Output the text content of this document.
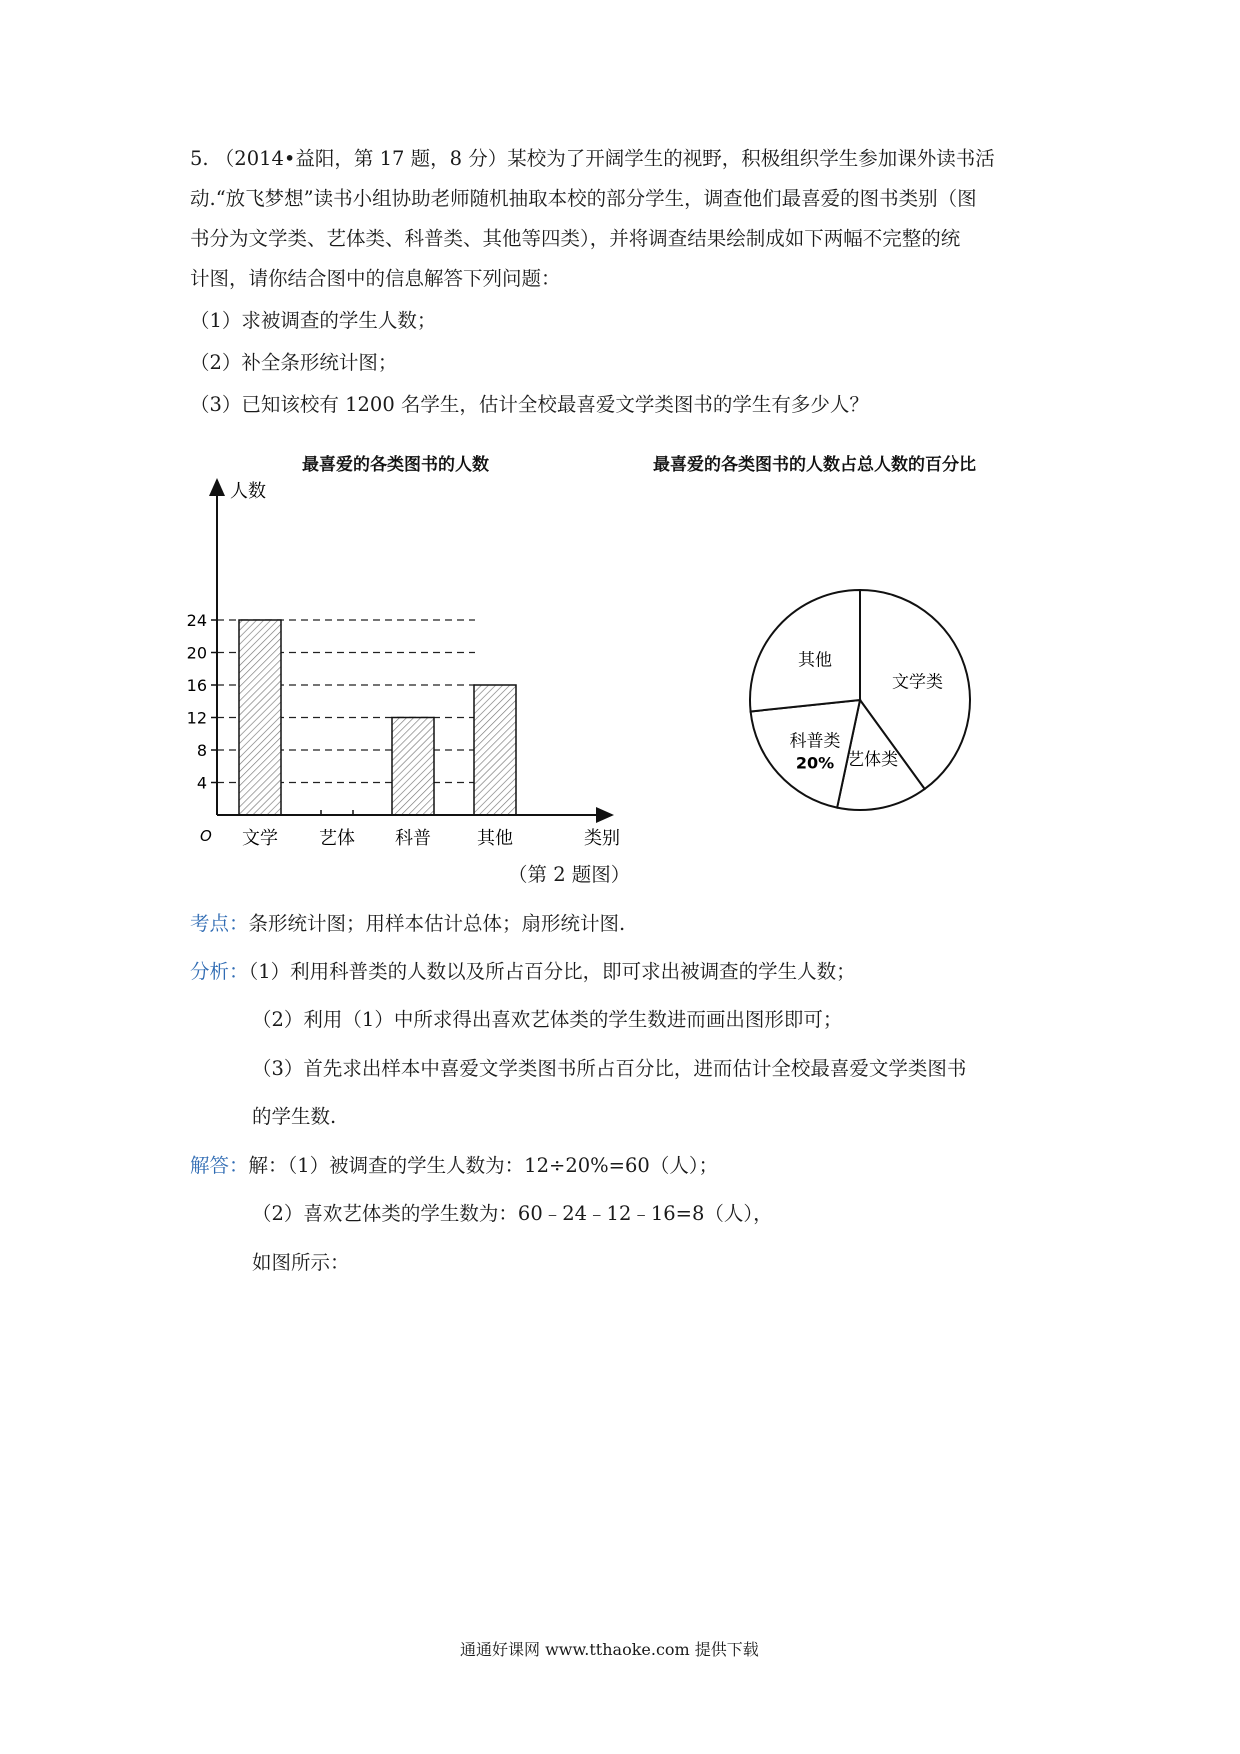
5. （2014•益阳，第 17 题，8 分）某校为了开阔学生的视野，积极组织学生参加课外读书活
动.“放飞梦想”读书小组协助老师随机抽取本校的部分学生，调查他们最喜爱的图书类别（图
书分为文学类、艺体类、科普类、其他等四类），并将调查结果绘制成如下两幅不完整的统
计图，请你结合图中的信息解答下列问题：
（1）求被调查的学生人数；
（2）补全条形统计图；
（3）已知该校有 1200 名学生，估计全校最喜爱文学类图书的学生有多少人？
最喜爱的各类图书的人数	最喜爱的各类图书的人数占总人数的百分比
人数
类别
O
4
8
12
16
20
24
文学 艺体 科普	其他
文学类
艺体类
科普类
20%
其他
（第 2 题图）
考点：条形统计图；用样本估计总体；扇形统计图.
分析：（1）利用科普类的人数以及所占百分比，即可求出被调查的学生人数；
（2）利用（1）中所求得出喜欢艺体类的学生数进而画出图形即可；
（3）首先求出样本中喜爱文学类图书所占百分比，进而估计全校最喜爱文学类图书
的学生数.
解答：解：（1）被调查的学生人数为：12÷20%=60（人）；
（2）喜欢艺体类的学生数为：60﹣24﹣12﹣16=8（人），
如图所示：
通通好课网 www.tthaoke.com 提供下载
